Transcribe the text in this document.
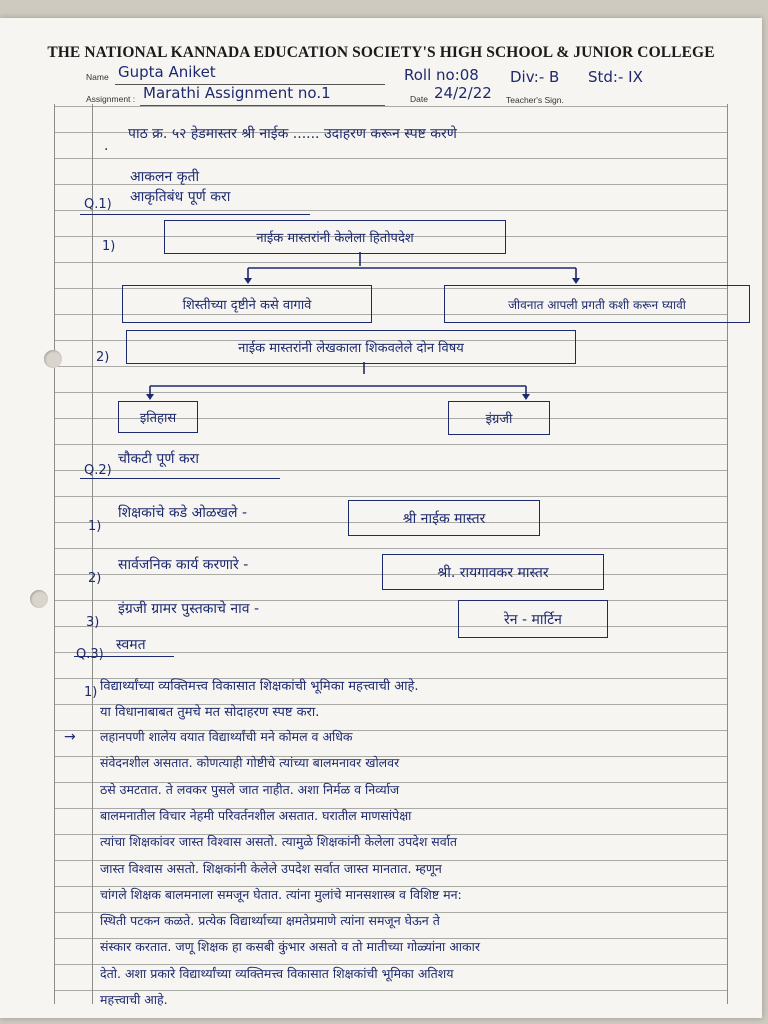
THE NATIONAL KANNADA EDUCATION SOCIETY'S HIGH SCHOOL & JUNIOR COLLEGE
Name Gupta Aniket	Roll no:08 Div:- B Std:- IX
Assignment : Marathi Assignment no.1	Date 24/2/22 Teacher's Sign.
.
पाठ क्र. ५२ हेडमास्तर श्री नाईक ...... उदाहरण करून स्पष्ट करणे
आकलन कृती
आकृतिबंध पूर्ण करा
Q.1)
1)
नाईक मास्तरांनी केलेला हितोपदेश
शिस्तीच्या दृष्टीने कसे वागावे	जीवनात आपली प्रगती कशी करून घ्यावी
2)
नाईक मास्तरांनी लेखकाला शिकवलेले दोन विषय
इतिहास	इंग्रजी
Q.2)
चौकटी पूर्ण करा
1)
शिक्षकांचे कडे ओळखले -	श्री नाईक मास्तर
2)
सार्वजनिक कार्य करणारे -	श्री. रायगावकर मास्तर
3)
इंग्रजी ग्रामर पुस्तकाचे नाव -
रेन - मार्टिन
Q.3)
स्वमत
1) विद्यार्थ्यांच्या व्यक्तिमत्त्व विकासात शिक्षकांची भूमिका महत्त्वाची आहे.
या विधानाबाबत तुमचे मत सोदाहरण स्पष्ट करा.
→ लहानपणी शालेय वयात विद्यार्थ्यांची मने कोमल व अधिक
संवेदनशील असतात. कोणत्याही गोष्टीचे त्यांच्या बालमनावर खोलवर
ठसे उमटतात. ते लवकर पुसले जात नाहीत. अशा निर्मळ व निर्व्याज
बालमनातील विचार नेहमी परिवर्तनशील असतात. घरातील माणसांपेक्षा
त्यांचा शिक्षकांवर जास्त विश्वास असतो. त्यामुळे शिक्षकांनी केलेला उपदेश सर्वात
जास्त विश्वास असतो. शिक्षकांनी केलेले उपदेश सर्वात जास्त मानतात. म्हणून
चांगले शिक्षक बालमनाला समजून घेतात. त्यांना मुलांचे मानसशास्त्र व विशिष्ट मन:
स्थिती पटकन कळते. प्रत्येक विद्यार्थ्याच्या क्षमतेप्रमाणे त्यांना समजून घेऊन ते
संस्कार करतात. जणू शिक्षक हा कसबी कुंभार असतो व तो मातीच्या गोळ्यांना आकार
देतो. अशा प्रकारे विद्यार्थ्यांच्या व्यक्तिमत्त्व विकासात शिक्षकांची भूमिका अतिशय
महत्त्वाची आहे.
